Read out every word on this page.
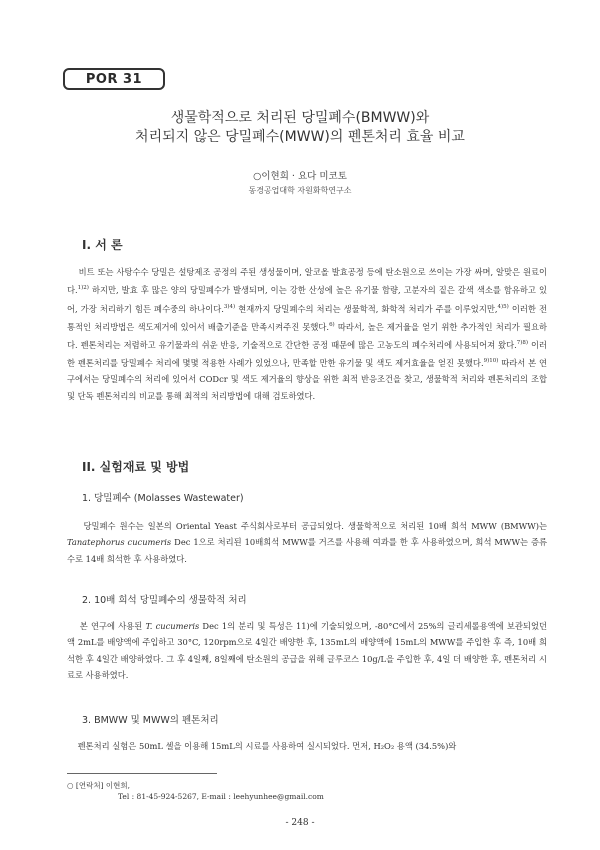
POR 31
생물학적으로 처리된 당밀폐수(BMWW)와
처리되지 않은 당밀폐수(MWW)의 펜톤처리 효율 비교
○이현희 · 요다 미코토
동경공업대학 자원화학연구소
I. 서 론
비트 또는 사탕수수 당밀은 설탕제조 공정의 주된 생성물이며, 알코올 발효공정 등에 탄소원으로 쓰이는 가장 싸며, 알맞은 원료이다.$^{1)2)}$ 하지만, 발효 후 많은 양의 당밀폐수가 발생되며, 이는 강한 산성에 높은 유기물 함량, 고분자의 짙은 갈색 색소를 함유하고 있어, 가장 처리하기 힘든 폐수중의 하나이다.$^{3)4)}$ 현재까지 당밀폐수의 처리는 생물학적, 화학적 처리가 주를 이루었지만,$^{4)5)}$ 이러한 전통적인 처리방법은 색도제거에 있어서 배출기준을 만족시켜주진 못했다.$^{6)}$ 따라서, 높은 제거율을 얻기 위한 추가적인 처리가 필요하다. 펜톤처리는 저렴하고 유기물과의 쉬운 반응, 기술적으로 간단한 공정 때문에 많은 고농도의 폐수처리에 사용되어져 왔다.$^{7)8)}$ 이러한 펜톤처리를 당밀폐수 처리에 몇몇 적용한 사례가 있었으나, 만족할 만한 유기물 및 색도 제거효율을 얻진 못했다.$^{9)10)}$ 따라서 본 연구에서는 당밀폐수의 처리에 있어서 CODcr 및 색도 제거율의 향상을 위한 최적 반응조건을 찾고, 생물학적 처리와 펜톤처리의 조합 및 단독 펜톤처리의 비교를 통해 최적의 처리방법에 대해 검토하였다.
II. 실험재료 및 방법
1. 당밀폐수 (Molasses Wastewater)
당밀폐수 원수는 일본의 Oriental Yeast 주식회사로부터 공급되었다. 생물학적으로 처리된 10배 희석 MWW (BMWW)는 Tanatephorus cucumeris Dec 1으로 처리된 10배희석 MWW를 거즈를 사용해 여과를 한 후 사용하였으며, 희석 MWW는 증류수로 14배 희석한 후 사용하였다.
2. 10배 희석 당밀폐수의 생물학적 처리
본 연구에 사용된 T. cucumeris Dec 1의 분리 및 특성은 11)에 기술되었으며, -80°C에서 25%의 글리세롤용액에 보관되었던 액 2mL를 배양액에 주입하고 30°C, 120rpm으로 4일간 배양한 후, 135mL의 배양액에 15mL의 MWW를 주입한 후 즉, 10배 희석한 후 4일간 배양하였다. 그 후 4일째, 8일째에 탄소원의 공급을 위해 글루코스 10g/L을 주입한 후, 4일 더 배양한 후, 펜톤처리 시료로 사용하였다.
3. BMWW 및 MWW의 펜톤처리
펜톤처리 실험은 50mL 셀을 이용해 15mL의 시료를 사용하여 실시되었다. 먼저, H₂O₂ 용액 (34.5%)와
○ [연락처] 이현희,
Tel : 81-45-924-5267, E-mail : leehyunhee@gmail.com
- 248 -
